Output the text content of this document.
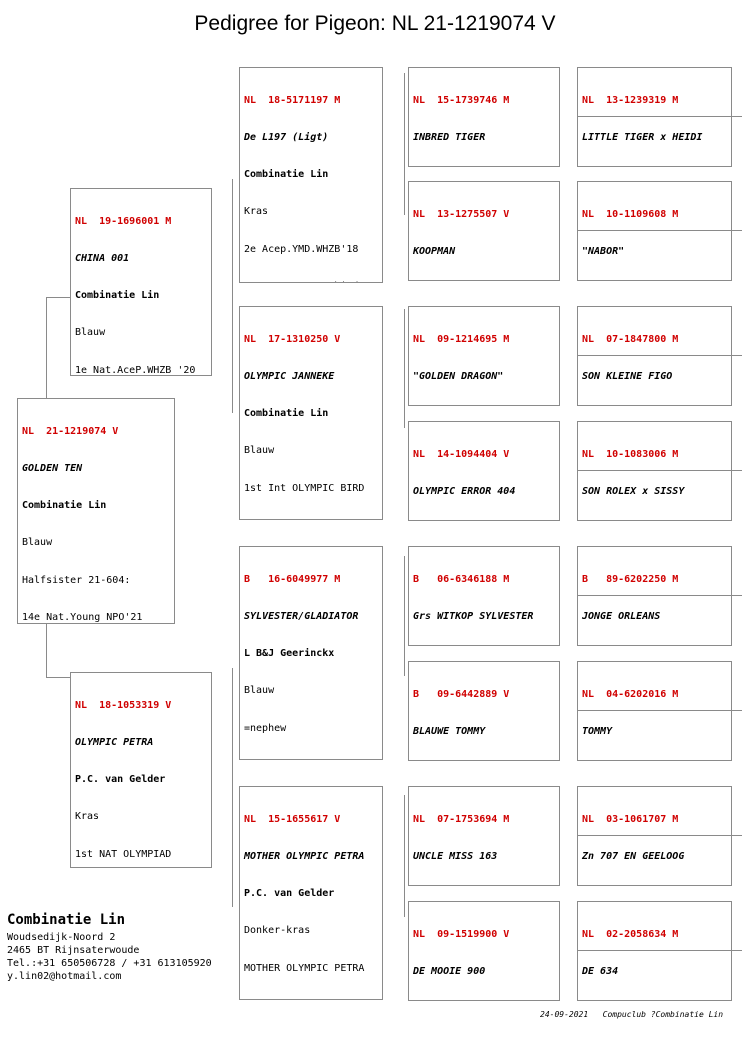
Pedigree for Pigeon: NL 21-1219074 V

NL  21-1219074 V

GOLDEN TEN

Combinatie Lin

Blauw

Halfsister 21-604:

14e Nat.Young NPO'21

NL  19-1696001 M

CHINA 001

Combinatie Lin

Blauw

1e Nat.AceP.WHZB '20

NL  18-1053319 V

OLYMPIC PETRA

P.C. van Gelder

Kras

1st NAT OLYMPIAD

NL  18-5171197 M

De L197 (Ligt)

Combinatie Lin

Kras

2e Acep.YMD.WHZB'18

NL  17-1310250 V

OLYMPIC JANNEKE

Combinatie Lin

Blauw

1st Int OLYMPIC BIRD

B   16-6049977 M

SYLVESTER/GLADIATOR

L B&J Geerinckx

Blauw

=nephew

NL  15-1655617 V

MOTHER OLYMPIC PETRA

P.C. van Gelder

Donker-kras

MOTHER OLYMPIC PETRA

NL  15-1739746 M

INBRED TIGER

NL  13-1275507 V

KOOPMAN

NL  09-1214695 M

"GOLDEN DRAGON"

NL  14-1094404 V

OLYMPIC ERROR 404

B   06-6346188 M

Grs WITKOP SYLVESTER

B   09-6442889 V

BLAUWE TOMMY

NL  07-1753694 M

UNCLE MISS 163

NL  09-1519900 V

DE MOOIE 900

NL  13-1239319 M

LITTLE TIGER x HEIDI

NL  10-1109608 M

"NABOR"

NL  07-1847800 M

SON KLEINE FIGO

NL  10-1083006 M

SON ROLEX x SISSY

B   89-6202250 M

JONGE ORLEANS

NL  04-6202016 M

TOMMY

NL  03-1061707 M

Zn 707 EN GEELOOG

NL  02-2058634 M

DE 634

Combinatie Lin
Woudsedijk-Noord 2
2465 BT Rijnsaterwoude
Tel.:+31 650506728 / +31 613105920
y.lin02@hotmail.com
24-09-2021 Compuclub ?Combinatie Lin
